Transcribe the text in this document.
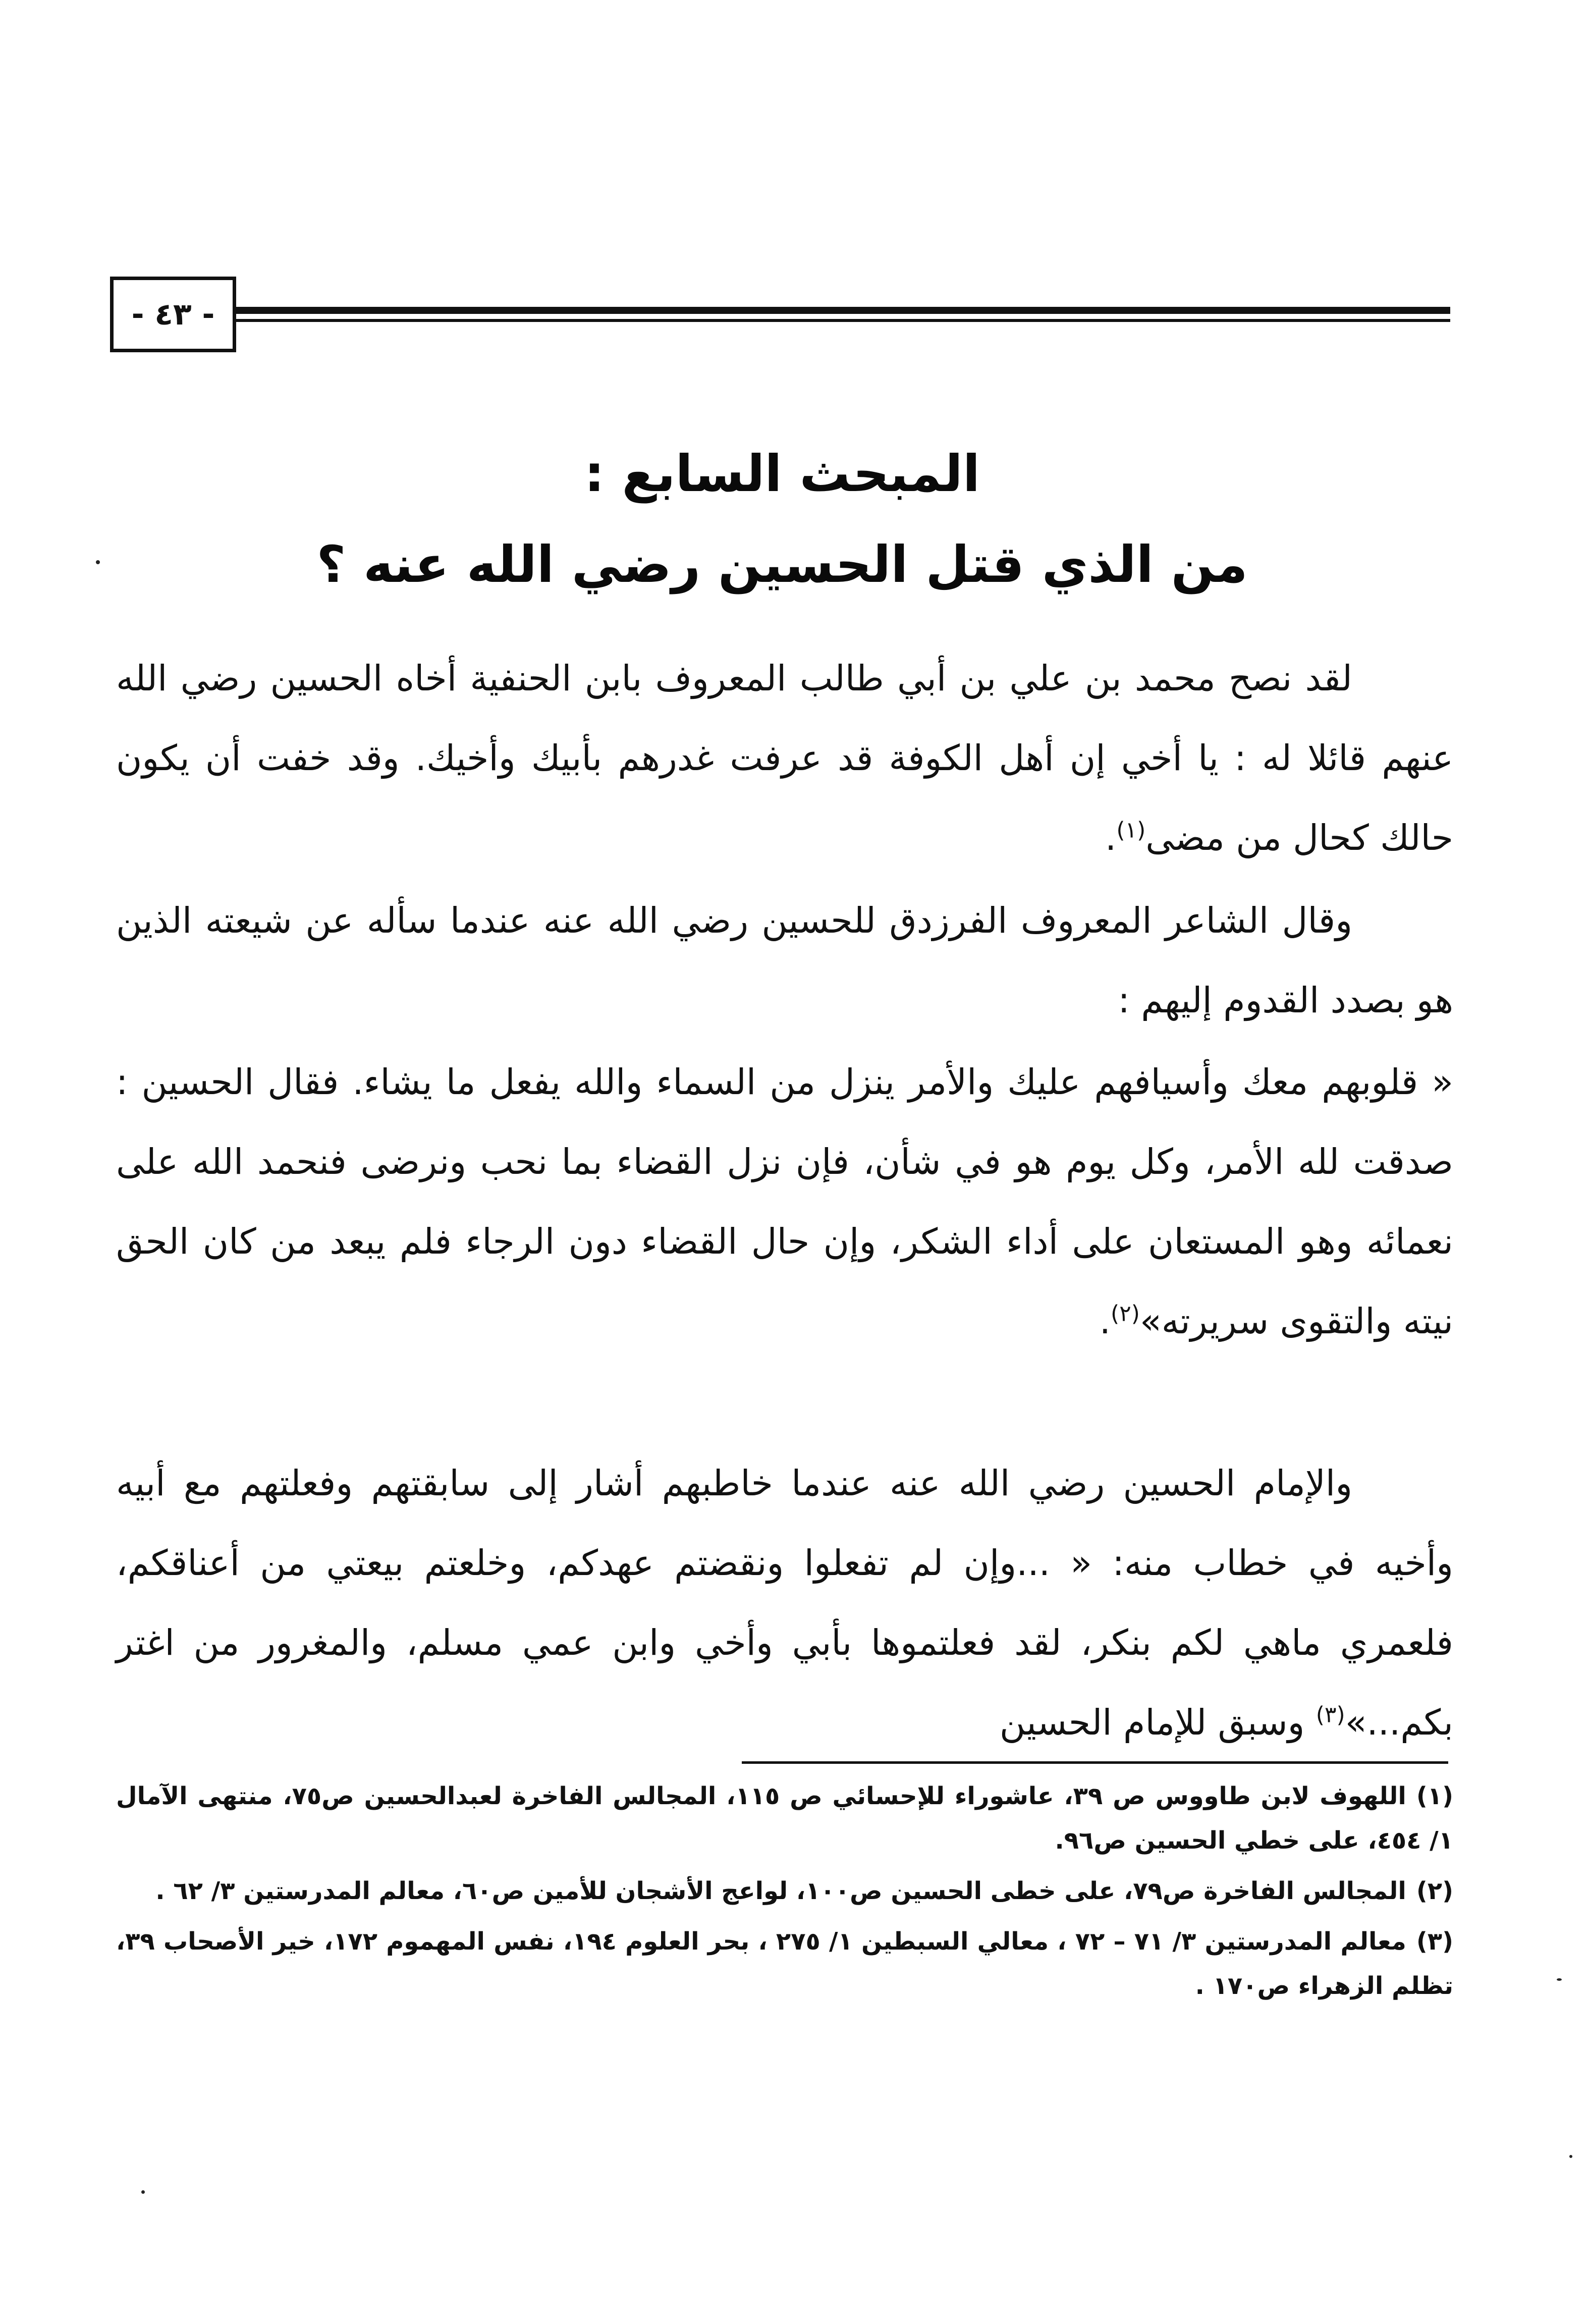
- ٤٣ -
المبحث السابع :
من الذي قتل الحسين رضي الله عنه ؟
لقد نصح محمد بن علي بن أبي طالب المعروف بابن الحنفية أخاه الحسين رضي الله عنهم قائلا له : يا أخي إن أهل الكوفة قد عرفت غدرهم بأبيك وأخيك. وقد خفت أن يكون حالك كحال من مضى$^{(١)}$.
وقال الشاعر المعروف الفرزدق للحسين رضي الله عنه عندما سأله عن شيعته الذين هو بصدد القدوم إليهم :
« قلوبهم معك وأسيافهم عليك والأمر ينزل من السماء والله يفعل ما يشاء. فقال الحسين : صدقت لله الأمر، وكل يوم هو في شأن، فإن نزل القضاء بما نحب ونرضى فنحمد الله على نعمائه وهو المستعان على أداء الشكر، وإن حال القضاء دون الرجاء فلم يبعد من كان الحق نيته والتقوى سريرته»$^{(٢)}$.
والإمام الحسين رضي الله عنه عندما خاطبهم أشار إلى سابقتهم وفعلتهم مع أبيه وأخيه في خطاب منه: « ...وإن لم تفعلوا ونقضتم عهدكم، وخلعتم بيعتي من أعناقكم، فلعمري ماهي لكم بنكر، لقد فعلتموها بأبي وأخي وابن عمي مسلم، والمغرور من اغتر بكم...»$^{(٣)}$ وسبق للإمام الحسين

(١)اللهوف لابن طاووس ص ٣٩، عاشوراء للإحسائي ص ١١٥، المجالس الفاخرة لعبدالحسين ص٧٥، منتهى الآمال ١/ ٤٥٤، على خطي الحسين ص٩٦.

(٢)المجالس الفاخرة ص٧٩، على خطى الحسين ص١٠٠، لواعج الأشجان للأمين ص٦٠، معالم المدرستين ٣/ ٦٢ .

(٣)معالم المدرستين ٣/ ٧١ – ٧٢ ، معالي السبطين ١/ ٢٧٥ ، بحر العلوم ١٩٤، نفس المهموم ١٧٢، خير الأصحاب ٣٩، تظلم الزهراء ص١٧٠ .
